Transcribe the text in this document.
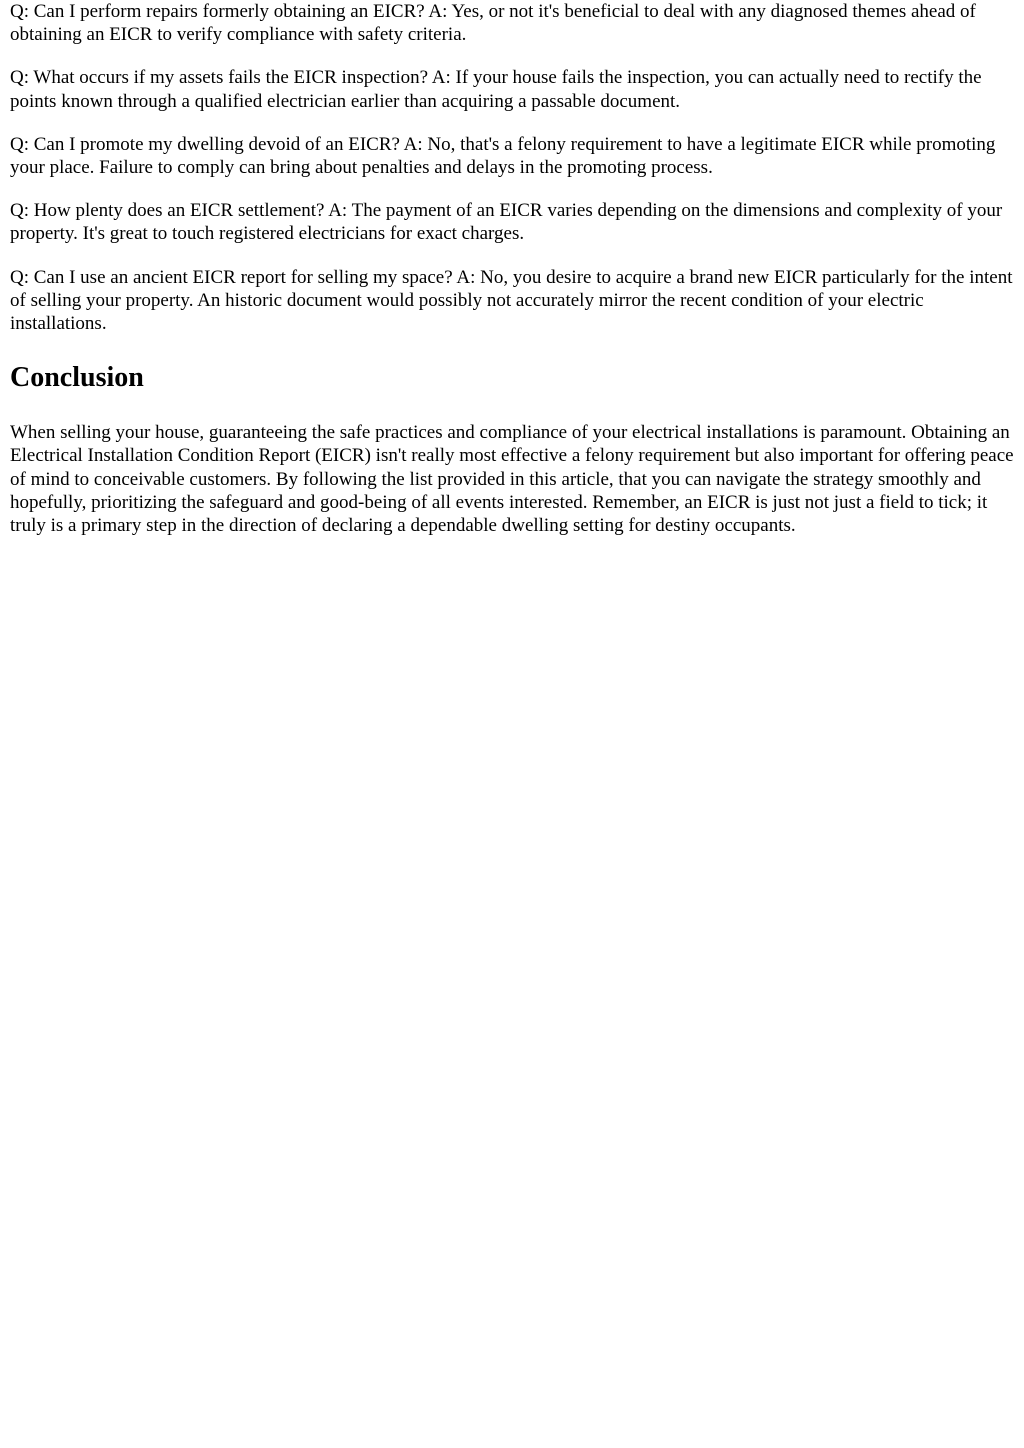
Q: Can I perform repairs formerly obtaining an EICR? A: Yes, or not it's beneficial to deal with any diagnosed themes ahead of obtaining an EICR to verify compliance with safety criteria.

Q: What occurs if my assets fails the EICR inspection? A: If your house fails the inspection, you can actually need to rectify the points known through a qualified electrician earlier than acquiring a passable document.

Q: Can I promote my dwelling devoid of an EICR? A: No, that's a felony requirement to have a legitimate EICR while promoting your place. Failure to comply can bring about penalties and delays in the promoting process.

Q: How plenty does an EICR settlement? A: The payment of an EICR varies depending on the dimensions and complexity of your property. It's great to touch registered electricians for exact charges.

Q: Can I use an ancient EICR report for selling my space? A: No, you desire to acquire a brand new EICR particularly for the intent of selling your property. An historic document would possibly not accurately mirror the recent condition of your electric installations.

Conclusion

When selling your house, guaranteeing the safe practices and compliance of your electrical installations is paramount. Obtaining an Electrical Installation Condition Report (EICR) isn't really most effective a felony requirement but also important for offering peace of mind to conceivable customers. By following the list provided in this article, that you can navigate the strategy smoothly and hopefully, prioritizing the safeguard and good-being of all events interested. Remember, an EICR is just not just a field to tick; it truly is a primary step in the direction of declaring a dependable dwelling setting for destiny occupants.
